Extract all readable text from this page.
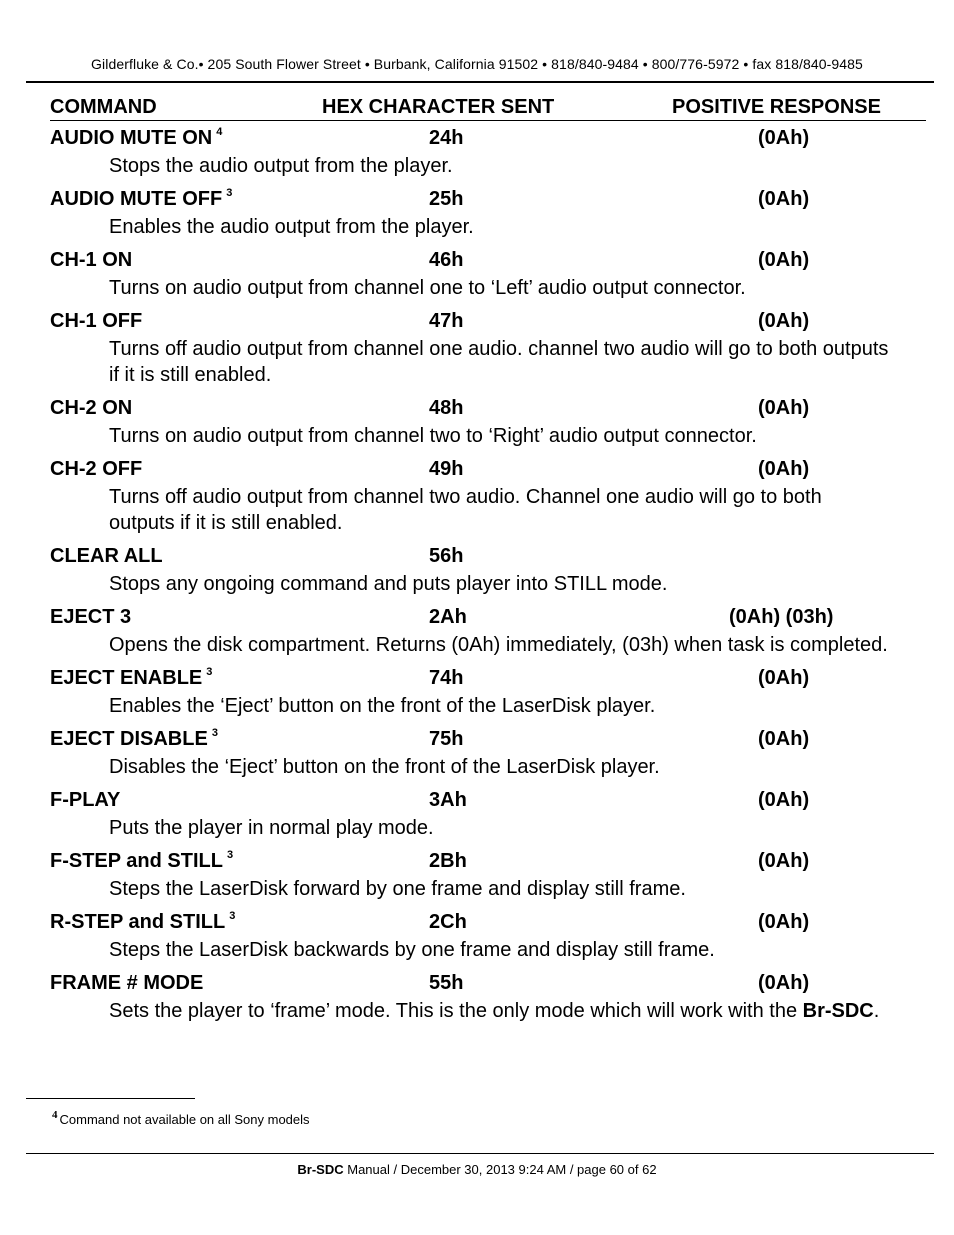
Gilderfluke & Co.• 205 South Flower Street • Burbank, California 91502 • 818/840-9484 • 800/776-5972 • fax 818/840-9485
COMMAND	HEX CHARACTER SENT	POSITIVE RESPONSE
AUDIO MUTE ON $^4$	24h	(0Ah)
Stops the audio output from the player.
AUDIO MUTE OFF $^3$	25h	(0Ah)
Enables the audio output from the player.
CH-1 ON	46h	(0Ah)
Turns on audio output from channel one to ‘Left’ audio output connector.
CH-1 OFF	47h	(0Ah)
Turns off audio output from channel one audio. channel two audio will go to both outputs if it is still enabled.
CH-2 ON	48h	(0Ah)
Turns on audio output from channel two to ‘Right’ audio output connector.
CH-2 OFF	49h	(0Ah)
Turns off audio output from channel two audio. Channel one audio will go to both outputs if it is still enabled.
CLEAR ALL	56h
Stops any ongoing command and puts player into STILL mode.
EJECT 3	2Ah	(0Ah) (03h)
Opens the disk compartment. Returns (0Ah) immediately, (03h) when task is completed.
EJECT ENABLE $^3$	74h	(0Ah)
Enables the ‘Eject’ button on the front of the LaserDisk player.
EJECT DISABLE $^3$	75h	(0Ah)
Disables the ‘Eject’ button on the front of the LaserDisk player.
F-PLAY	3Ah	(0Ah)
Puts the player in normal play mode.
F-STEP and STILL $^3$	2Bh	(0Ah)
Steps the LaserDisk forward by one frame and display still frame.
R-STEP and STILL $^3$	2Ch	(0Ah)
Steps the LaserDisk backwards by one frame and display still frame.
FRAME # MODE	55h	(0Ah)
Sets the player to ‘frame’ mode. This is the only mode which will work with the Br-SDC.
$^4$ Command not available on all Sony models
Br-SDC Manual / December 30, 2013 9:24 AM / page 60 of 62
